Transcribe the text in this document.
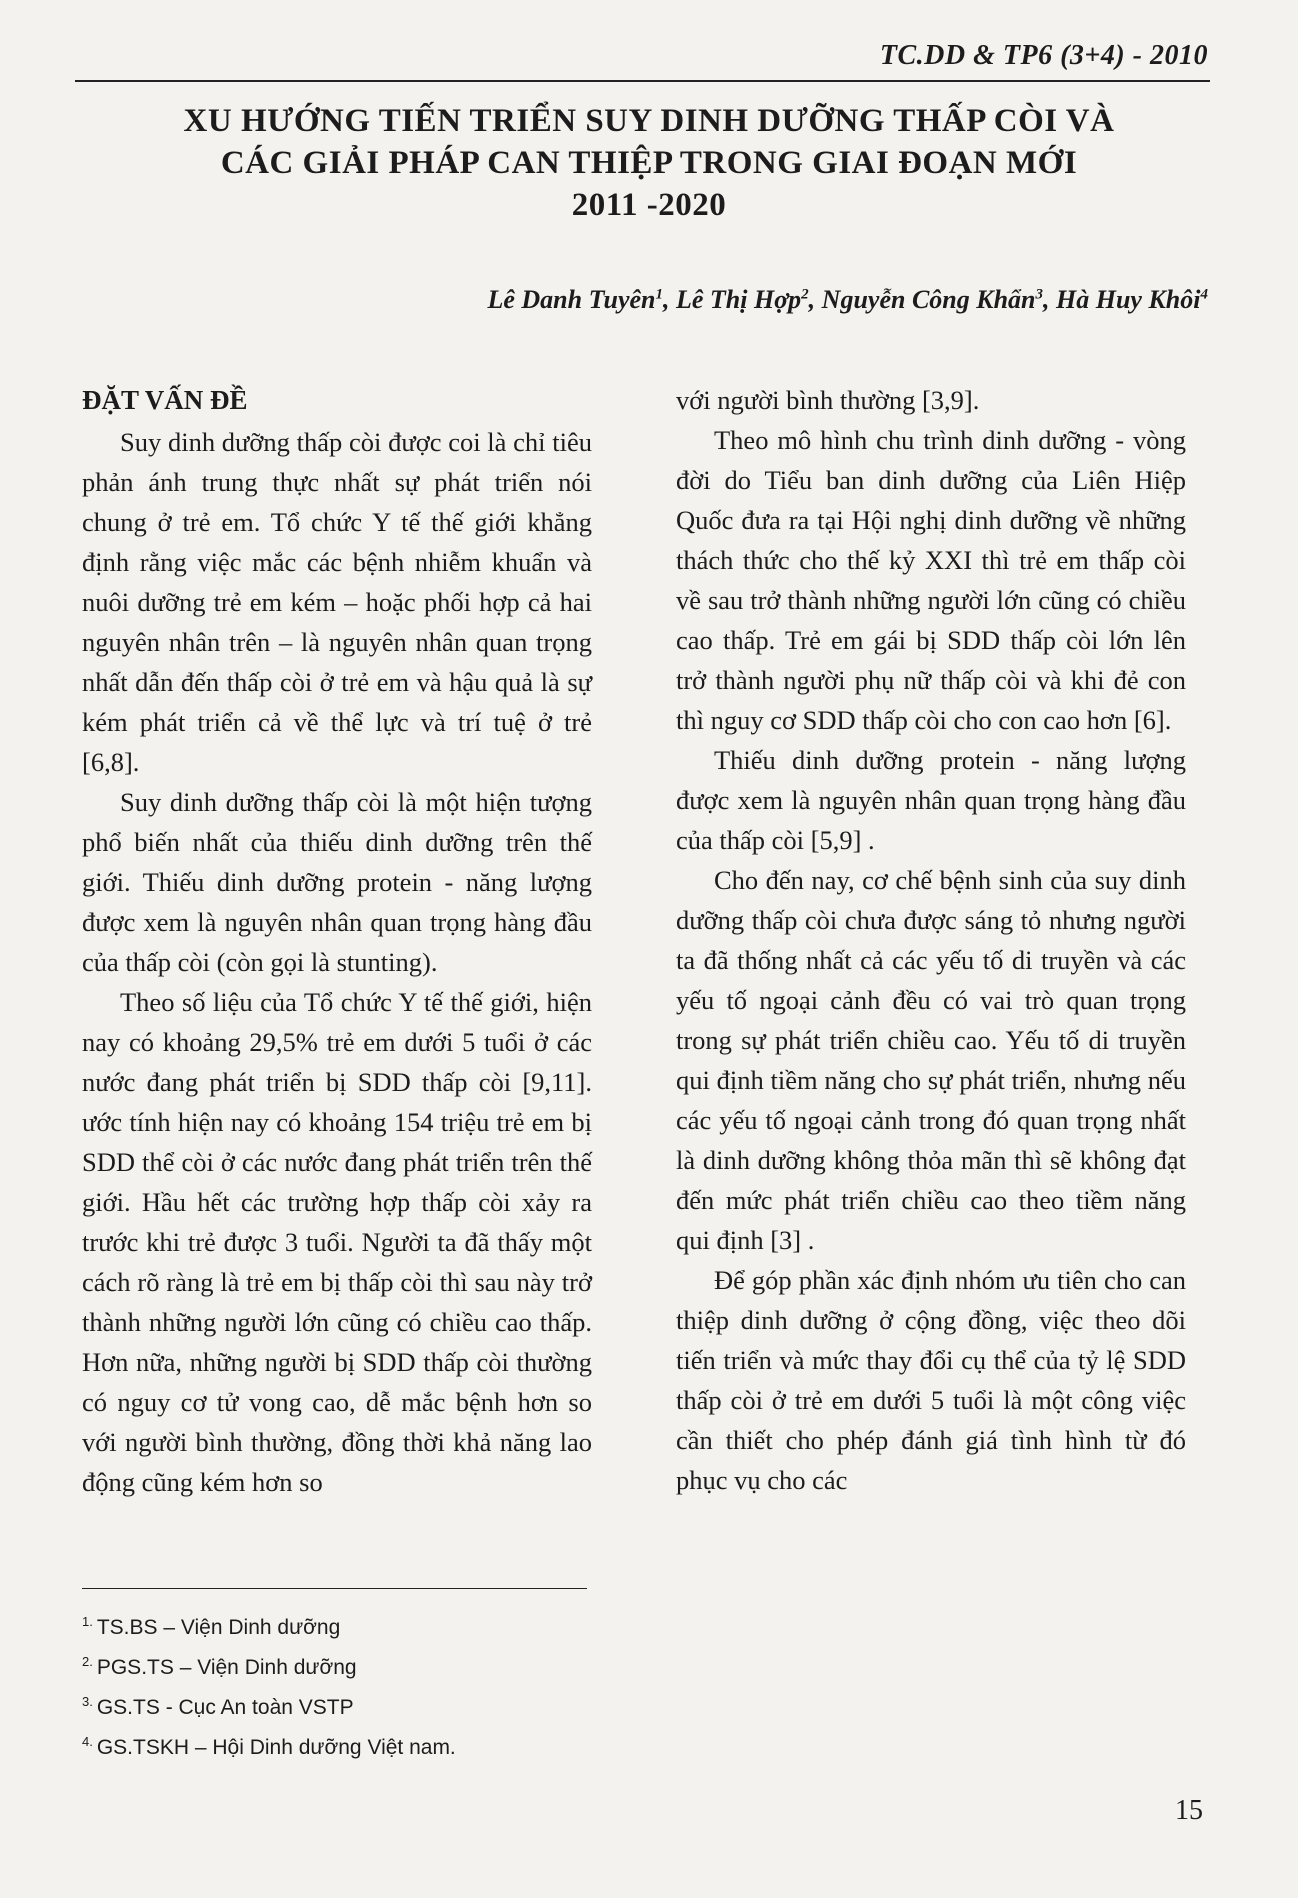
TC.DD & TP6 (3+4) - 2010

XU HƯỚNG TIẾN TRIỂN SUY DINH DƯỠNG THẤP CÒI VÀ

CÁC GIẢI PHÁP CAN THIỆP TRONG GIAI ĐOẠN MỚI

2011 -2020

Lê Danh Tuyên$^1$, Lê Thị Hợp$^2$, Nguyễn Công Khẩn$^3$, Hà Huy Khôi$^4$
ĐẶT VẤN ĐỀ

Suy dinh dưỡng thấp còi được coi là chỉ tiêu phản ánh trung thực nhất sự phát triển nói chung ở trẻ em. Tổ chức Y tế thế giới khẳng định rằng việc mắc các bệnh nhiễm khuẩn và nuôi dưỡng trẻ em kém – hoặc phối hợp cả hai nguyên nhân trên – là nguyên nhân quan trọng nhất dẫn đến thấp còi ở trẻ em và hậu quả là sự kém phát triển cả về thể lực và trí tuệ ở trẻ [6,8].

Suy dinh dưỡng thấp còi là một hiện tượng phổ biến nhất của thiếu dinh dưỡng trên thế giới. Thiếu dinh dưỡng protein - năng lượng được xem là nguyên nhân quan trọng hàng đầu của thấp còi (còn gọi là stunting).

Theo số liệu của Tổ chức Y tế thế giới, hiện nay có khoảng 29,5% trẻ em dưới 5 tuổi ở các nước đang phát triển bị SDD thấp còi [9,11]. ước tính hiện nay có khoảng 154 triệu trẻ em bị SDD thể còi ở các nước đang phát triển trên thế giới. Hầu hết các trường hợp thấp còi xảy ra trước khi trẻ được 3 tuổi. Người ta đã thấy một cách rõ ràng là trẻ em bị thấp còi thì sau này trở thành những người lớn cũng có chiều cao thấp. Hơn nữa, những người bị SDD thấp còi thường có nguy cơ tử vong cao, dễ mắc bệnh hơn so với người bình thường, đồng thời khả năng lao động cũng kém hơn so

với người bình thường [3,9].

Theo mô hình chu trình dinh dưỡng - vòng đời do Tiểu ban dinh dưỡng của Liên Hiệp Quốc đưa ra tại Hội nghị dinh dưỡng về những thách thức cho thế kỷ XXI thì trẻ em thấp còi về sau trở thành những người lớn cũng có chiều cao thấp. Trẻ em gái bị SDD thấp còi lớn lên trở thành người phụ nữ thấp còi và khi đẻ con thì nguy cơ SDD thấp còi cho con cao hơn [6].

Thiếu dinh dưỡng protein - năng lượng được xem là nguyên nhân quan trọng hàng đầu của thấp còi [5,9] .

Cho đến nay, cơ chế bệnh sinh của suy dinh dưỡng thấp còi chưa được sáng tỏ nhưng người ta đã thống nhất cả các yếu tố di truyền và các yếu tố ngoại cảnh đều có vai trò quan trọng trong sự phát triển chiều cao. Yếu tố di truyền qui định tiềm năng cho sự phát triển, nhưng nếu các yếu tố ngoại cảnh trong đó quan trọng nhất là dinh dưỡng không thỏa mãn thì sẽ không đạt đến mức phát triển chiều cao theo tiềm năng qui định [3] .

Để góp phần xác định nhóm ưu tiên cho can thiệp dinh dưỡng ở cộng đồng, việc theo dõi tiến triển và mức thay đổi cụ thể của tỷ lệ SDD thấp còi ở trẻ em dưới 5 tuổi là một công việc cần thiết cho phép đánh giá tình hình từ đó phục vụ cho các

$^{1.}$ TS.BS – Viện Dinh dưỡng
$^{2.}$ PGS.TS – Viện Dinh dưỡng
$^{3.}$ GS.TS - Cục An toàn VSTP
$^{4.}$ GS.TSKH – Hội Dinh dưỡng Việt nam.
15
